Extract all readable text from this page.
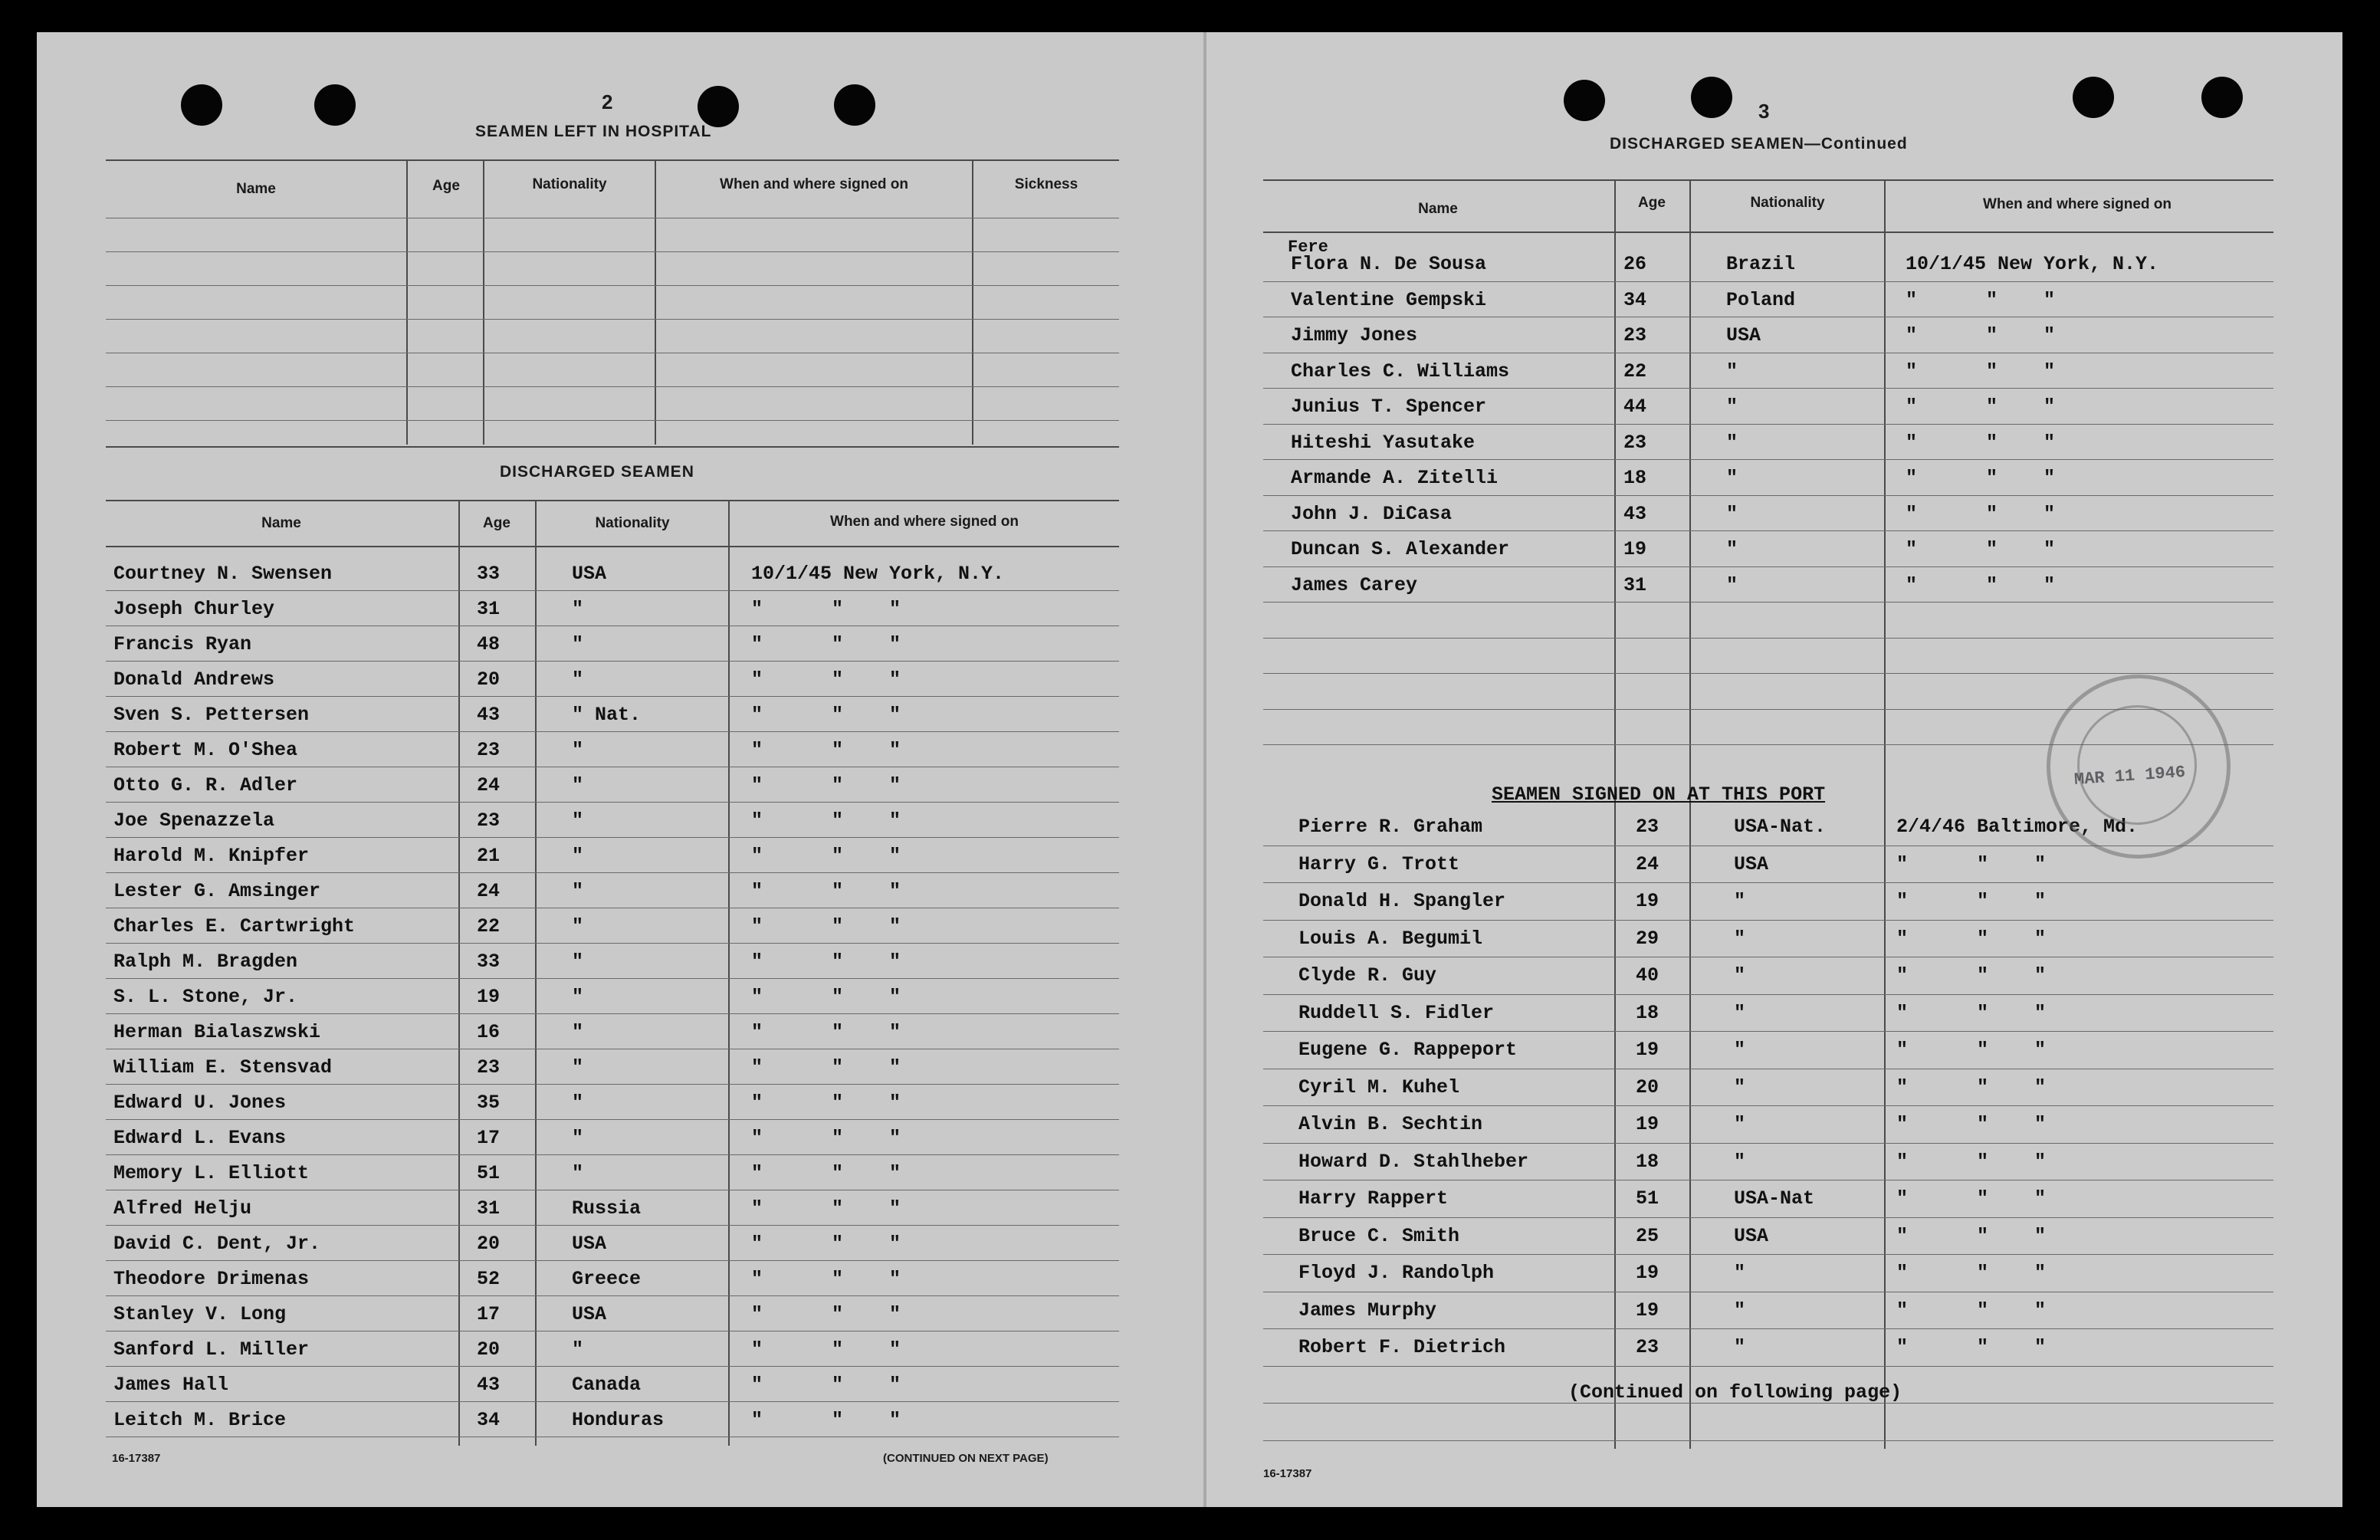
2
SEAMEN LEFT IN HOSPITAL
Name	Age	Nationality	When and where signed on	Sickness
DISCHARGED SEAMEN
Name	Age	Nationality	When and where signed on
Courtney N. Swensen	33	USA	10/1/45 New York, N.Y.
Joseph Churley	31	"	"      "    "
Francis Ryan	48	"	"      "    "
Donald Andrews	20	"	"      "    "
Sven S. Pettersen	43	" Nat.	"      "    "
Robert M. O'Shea	23	"	"      "    "
Otto G. R. Adler	24	"	"      "    "
Joe Spenazzela	23	"	"      "    "
Harold M. Knipfer	21	"	"      "    "
Lester G. Amsinger	24	"	"      "    "
Charles E. Cartwright	22	"	"      "    "
Ralph M. Bragden	33	"	"      "    "
S. L. Stone, Jr.	19	"	"      "    "
Herman Bialaszwski	16	"	"      "    "
William E. Stensvad	23	"	"      "    "
Edward U. Jones	35	"	"      "    "
Edward L. Evans	17	"	"      "    "
Memory L. Elliott	51	"	"      "    "
Alfred Helju	31	Russia	"      "    "
David C. Dent, Jr.	20	USA	"      "    "
Theodore Drimenas	52	Greece	"      "    "
Stanley V. Long	17	USA	"      "    "
Sanford L. Miller	20	"	"      "    "
James Hall	43	Canada	"      "    "
Leitch M. Brice	34	Honduras	"      "    "
16-17387	(CONTINUED ON NEXT PAGE)
3
DISCHARGED SEAMEN—Continued
Name	Age	Nationality	When and where signed on
Fere
Flora N. De Sousa	26	Brazil	10/1/45 New York, N.Y.
Valentine Gempski	34	Poland	"      "    "
Jimmy Jones	23	USA	"      "    "
Charles C. Williams	22	"	"      "    "
Junius T. Spencer	44	"	"      "    "
Hiteshi Yasutake	23	"	"      "    "
Armande A. Zitelli	18	"	"      "    "
John J. DiCasa	43	"	"      "    "
Duncan S. Alexander	19	"	"      "    "
James Carey	31	"	"      "    "
SEAMEN SIGNED ON AT THIS PORT
Pierre R. Graham	23	USA-Nat.	2/4/46 Baltimore, Md.
Harry G. Trott	24	USA	"      "    "
Donald H. Spangler	19	"	"      "    "
Louis A. Begumil	29	"	"      "    "
Clyde R. Guy	40	"	"      "    "
Ruddell S. Fidler	18	"	"      "    "
Eugene G. Rappeport	19	"	"      "    "
Cyril M. Kuhel	20	"	"      "    "
Alvin B. Sechtin	19	"	"      "    "
Howard D. Stahlheber	18	"	"      "    "
Harry Rappert	51	USA-Nat	"      "    "
Bruce C. Smith	25	USA	"      "    "
Floyd J. Randolph	19	"	"      "    "
James Murphy	19	"	"      "    "
Robert F. Dietrich	23	"	"      "    "
(Continued on following page)
MAR 11 1946
16-17387
